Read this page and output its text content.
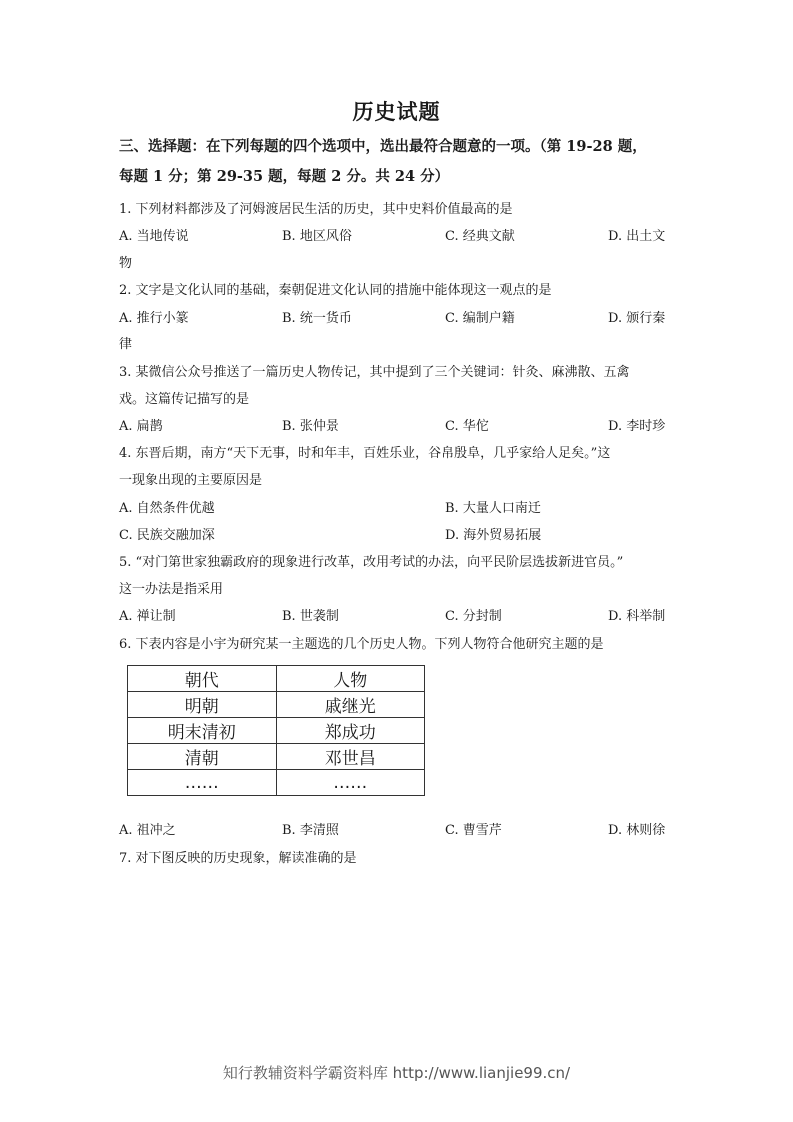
历史试题
三、选择题：在下列每题的四个选项中，选出最符合题意的一项。（第 19-28 题，
每题 1 分；第 29-35 题，每题 2 分。共 24 分）
1. 下列材料都涉及了河姆渡居民生活的历史，其中史料价值最高的是
A. 当地传说	B. 地区风俗	C. 经典文献	D. 出土文
物
2. 文字是文化认同的基础，秦朝促进文化认同的措施中能体现这一观点的是
A. 推行小篆	B. 统一货币	C. 编制户籍	D. 颁行秦
律
3. 某微信公众号推送了一篇历史人物传记，其中提到了三个关键词：针灸、麻沸散、五禽
戏。这篇传记描写的是
A. 扁鹊	B. 张仲景	C. 华佗	D. 李时珍
4. 东晋后期，南方“天下无事，时和年丰，百姓乐业，谷帛殷阜，几乎家给人足矣。”这
一现象出现的主要原因是
A. 自然条件优越	B. 大量人口南迁
C. 民族交融加深	D. 海外贸易拓展
5. “对门第世家独霸政府的现象进行改革，改用考试的办法，向平民阶层选拔新进官员。”
这一办法是指采用
A. 禅让制	B. 世袭制	C. 分封制	D. 科举制
6. 下表内容是小宇为研究某一主题选的几个历史人物。下列人物符合他研究主题的是
朝代	人物
明朝	戚继光
明末清初	郑成功
清朝	邓世昌
……	……
A. 祖冲之	B. 李清照	C. 曹雪芹	D. 林则徐
7. 对下图反映的历史现象，解读准确的是
知行教辅资料学霸资料库 http://www.lianjie99.cn/
